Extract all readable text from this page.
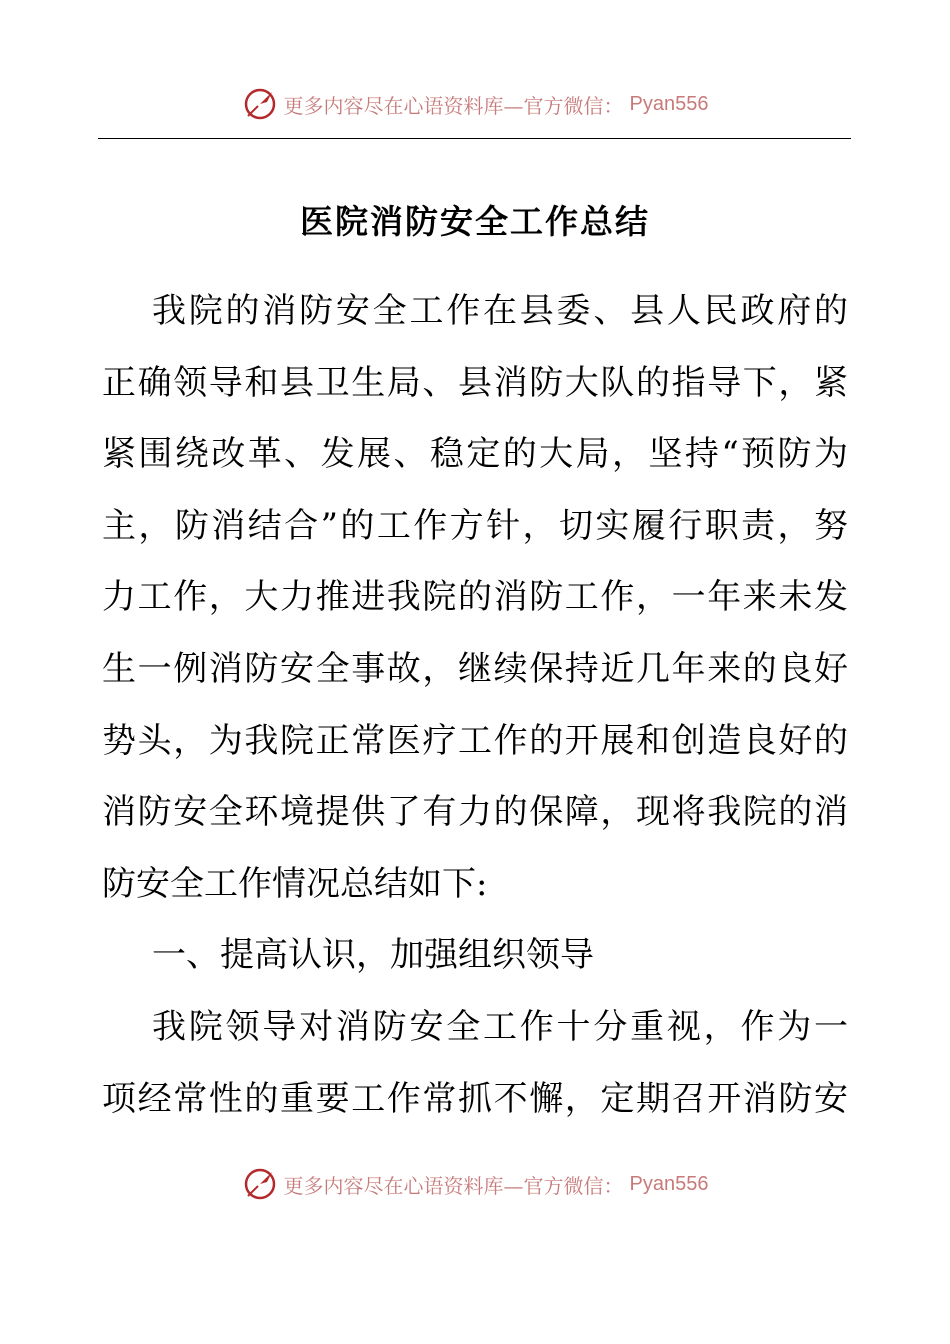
更多内容尽在心语资料库—官方微信： Pyan556
医院消防安全工作总结
我院的消防安全工作在县委、县人民政府的
正确领导和县卫生局、县消防大队的指导下，紧
紧围绕改革、发展、稳定的大局，坚持“预防为
主，防消结合”的工作方针，切实履行职责，努
力工作，大力推进我院的消防工作，一年来未发
生一例消防安全事故，继续保持近几年来的良好
势头，为我院正常医疗工作的开展和创造良好的
消防安全环境提供了有力的保障，现将我院的消
防安全工作情况总结如下:
一、提高认识，加强组织领导
我院领导对消防安全工作十分重视，作为一
项经常性的重要工作常抓不懈，定期召开消防安
更多内容尽在心语资料库—官方微信： Pyan556
